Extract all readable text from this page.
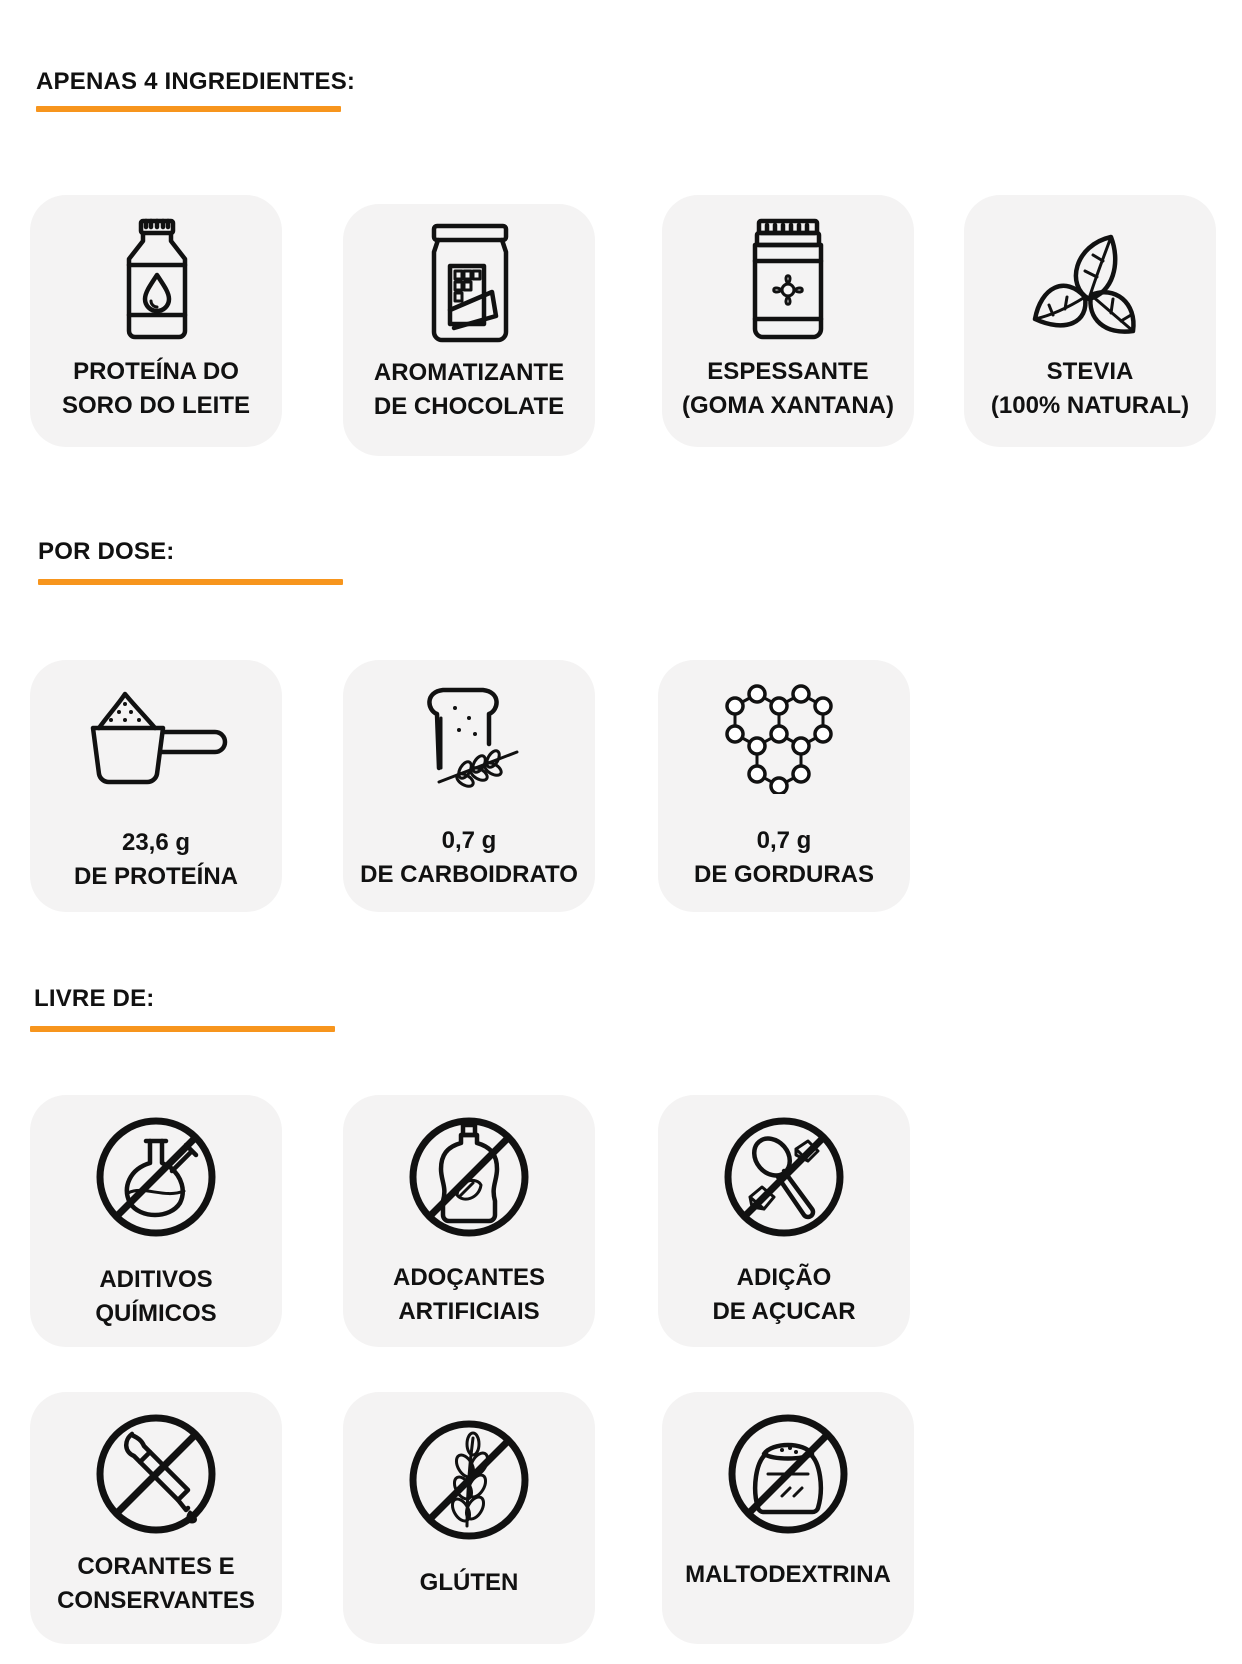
APENAS 4 INGREDIENTES:
PROTEÍNA DO
SORO DO LEITE
AROMATIZANTE
DE CHOCOLATE
ESPESSANTE
(GOMA XANTANA)
STEVIA
(100% NATURAL)
POR DOSE:
23,6 g
DE PROTEÍNA
0,7 g
DE CARBOIDRATO
0,7 g
DE GORDURAS
LIVRE DE:
ADITIVOS
QUÍMICOS
ADOÇANTES
ARTIFICIAIS
ADIÇÃO
DE AÇUCAR
CORANTES E
CONSERVANTES
GLÚTEN	MALTODEXTRINA
